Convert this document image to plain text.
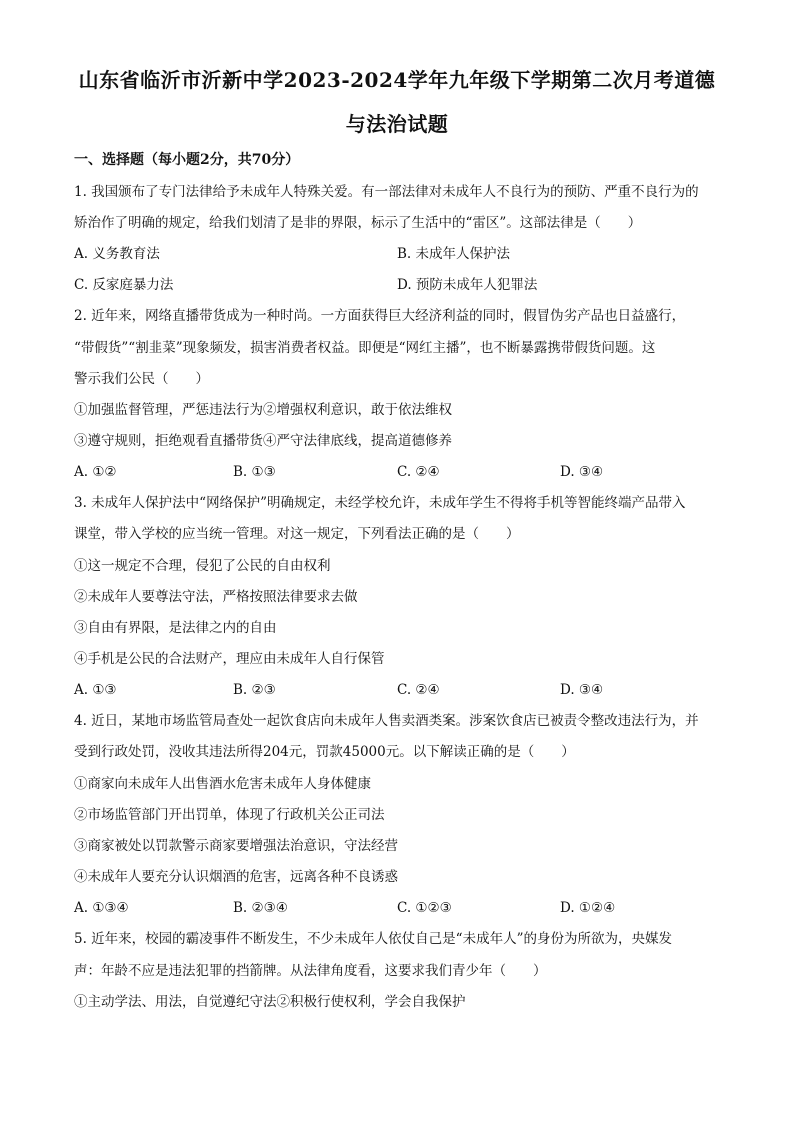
山东省临沂市沂新中学2023-2024学年九年级下学期第二次月考道德
与法治试题
一、选择题（每小题2分，共70分）
1. 我国颁布了专门法律给予未成年人特殊关爱。有一部法律对未成年人不良行为的预防、严重不良行为的
矫治作了明确的规定，给我们划清了是非的界限，标示了生活中的“雷区”。这部法律是（　　）
A. 义务教育法	B. 未成年人保护法
C. 反家庭暴力法	D. 预防未成年人犯罪法
2. 近年来，网络直播带货成为一种时尚。一方面获得巨大经济利益的同时，假冒伪劣产品也日益盛行，
“带假货”“割韭菜”现象频发，损害消费者权益。即便是“网红主播”，也不断暴露携带假货问题。这
警示我们公民（　　）
①加强监督管理，严惩违法行为②增强权利意识，敢于依法维权
③遵守规则，拒绝观看直播带货④严守法律底线，提高道德修养
A. ①②	B. ①③	C. ②④	D. ③④
3. 未成年人保护法中“网络保护”明确规定，未经学校允许，未成年学生不得将手机等智能终端产品带入
课堂，带入学校的应当统一管理。对这一规定，下列看法正确的是（　　）
①这一规定不合理，侵犯了公民的自由权利
②未成年人要尊法守法，严格按照法律要求去做
③自由有界限，是法律之内的自由
④手机是公民的合法财产，理应由未成年人自行保管
A. ①③	B. ②③	C. ②④	D. ③④
4. 近日，某地市场监管局查处一起饮食店向未成年人售卖酒类案。涉案饮食店已被责令整改违法行为，并
受到行政处罚，没收其违法所得204元，罚款45000元。以下解读正确的是（　　）
①商家向未成年人出售酒水危害未成年人身体健康
②市场监管部门开出罚单，体现了行政机关公正司法
③商家被处以罚款警示商家要增强法治意识，守法经营
④未成年人要充分认识烟酒的危害，远离各种不良诱惑
A. ①③④	B. ②③④	C. ①②③	D. ①②④
5. 近年来，校园的霸凌事件不断发生，不少未成年人依仗自己是“未成年人”的身份为所欲为，央媒发
声：年龄不应是违法犯罪的挡箭牌。从法律角度看，这要求我们青少年（　　）
①主动学法、用法，自觉遵纪守法②积极行使权利，学会自我保护
